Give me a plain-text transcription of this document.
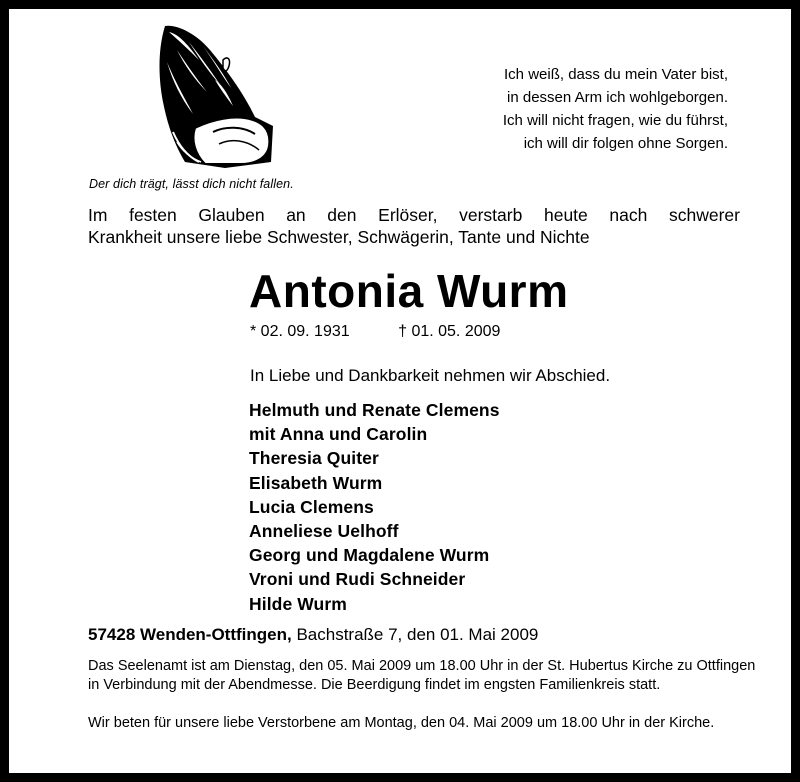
Der dich trägt, lässt dich nicht fallen.
Ich weiß, dass du mein Vater bist,
in dessen Arm ich wohlgeborgen.
Ich will nicht fragen, wie du führst,
ich will dir folgen ohne Sorgen.
Im festen Glauben an den Erlöser, verstarb heute nach schwerer
Krankheit unsere liebe Schwester, Schwägerin, Tante und Nichte
Antonia Wurm
* 02. 09. 1931	† 01. 05. 2009
In Liebe und Dankbarkeit nehmen wir Abschied.
Helmuth und Renate Clemens
mit Anna und Carolin
Theresia Quiter
Elisabeth Wurm
Lucia Clemens
Anneliese Uelhoff
Georg und Magdalene Wurm
Vroni und Rudi Schneider
Hilde Wurm
57428 Wenden-Ottfingen, Bachstraße 7, den 01. Mai 2009
Das Seelenamt ist am Dienstag, den 05. Mai 2009 um 18.00 Uhr in der St. Hubertus Kirche zu Ottfingen in Verbindung mit der Abendmesse. Die Beerdigung findet im engsten Familienkreis statt.
Wir beten für unsere liebe Verstorbene am Montag, den 04. Mai 2009 um 18.00 Uhr in der Kirche.
